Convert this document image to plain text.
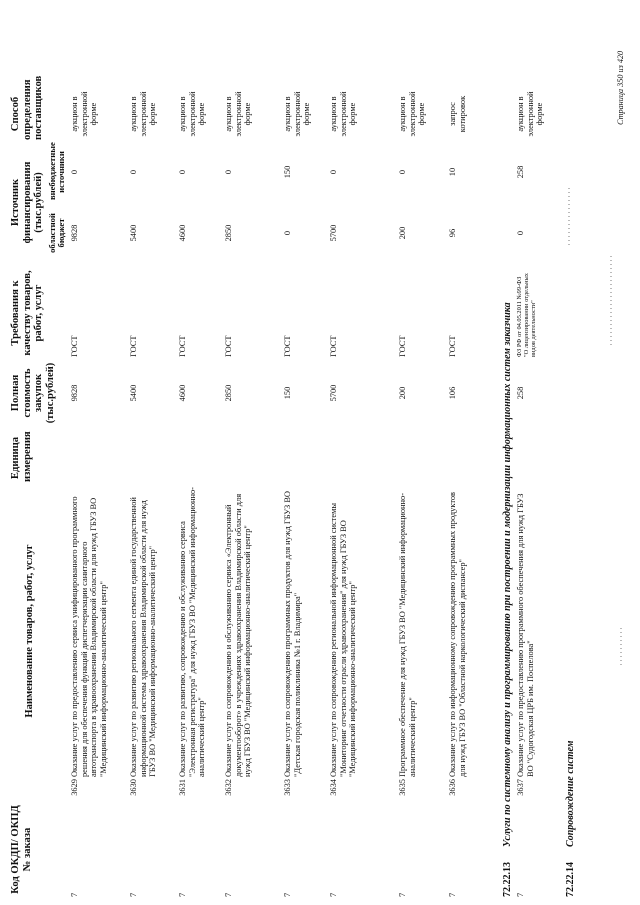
Код ОКДП/ ОКПД № заказа
Наименование товаров, работ, услуг
Единица измерения
Полная стоимость закупок (тыс.рублей)
Требования к качеству товаров, работ, услуг
Источник финансирования (тыс.рублей)
областной бюджет
внебюджетные источники
Способ определения поставщиков
7
3629
Оказание услуг по предоставлению сервиса унифицированного программного решения для обеспечения функций диспетчеризации санитарного автотранспорта в здравоохранении Владимирской области для нужд ГБУЗ ВО "Медицинский информационно-аналитический центр"
9828
ГОСТ
9828
0
аукцион в электронной форме
7
3630
Оказание услуг по развитию регионального сегмента единой государственной информационной системы здравоохранения Владимирской области для нужд ГБУЗ ВО "Медицинский информационно-аналитический центр"
5400
ГОСТ
5400
0
аукцион в электронной форме
7
3631
Оказание услуг по развитию, сопровождению и обслуживанию сервиса "Электронная регистратура" для нужд ГБУЗ ВО "Медицинский информационно-аналитический центр"
4600
ГОСТ
4600
0
аукцион в электронной форме
7
3632
Оказание услуг по сопровождению и обслуживанию сервиса «Электронный документооборот» в учреждениях здравоохранения Владимирской области для нужд ГБУЗ ВО "Медицинский информационно-аналитический центр"
2850
ГОСТ
2850
0
аукцион в электронной форме
7
3633
Оказание услуг по сопровождению программных продуктов для нужд ГБУЗ ВО "Детская городская поликлиника №1 г. Владимира"
150
ГОСТ
0
150
аукцион в электронной форме
7
3634
Оказание услуг по сопровождению региональной информационной системы "Мониторинг отчетности отрасли здравоохранения" для нужд ГБУЗ ВО "Медицинский информационно-аналитический центр"
5700
ГОСТ
5700
0
аукцион в электронной форме
7
3635
Программное обеспечение для нужд ГБУЗ ВО "Медицинский информационно-аналитический центр"
200
ГОСТ
200
0
аукцион в электронной форме
7
3636
Оказание услуг по информационному сопровождению программных продуктов для нужд ГБУЗ ВО "Областной наркологический диспансер"
106
ГОСТ
96
10
запрос котировок
72.22.13Услуги по системному анализу и программированию при построении и модернизации информационных систем заказчика
7
3637
Оказание услуг по предоставлению программного обеспечения для нужд ГБУЗ ВО "Судогодская ЦРБ им. Поспелова"
258
ФЗ РФ от 04.05.2011 №99-ФЗ "О лицензировании отдельных видов деятельности"
0
258
аукцион в электронной форме
72.22.14Сопровождение систем
Страница 350 из 420
